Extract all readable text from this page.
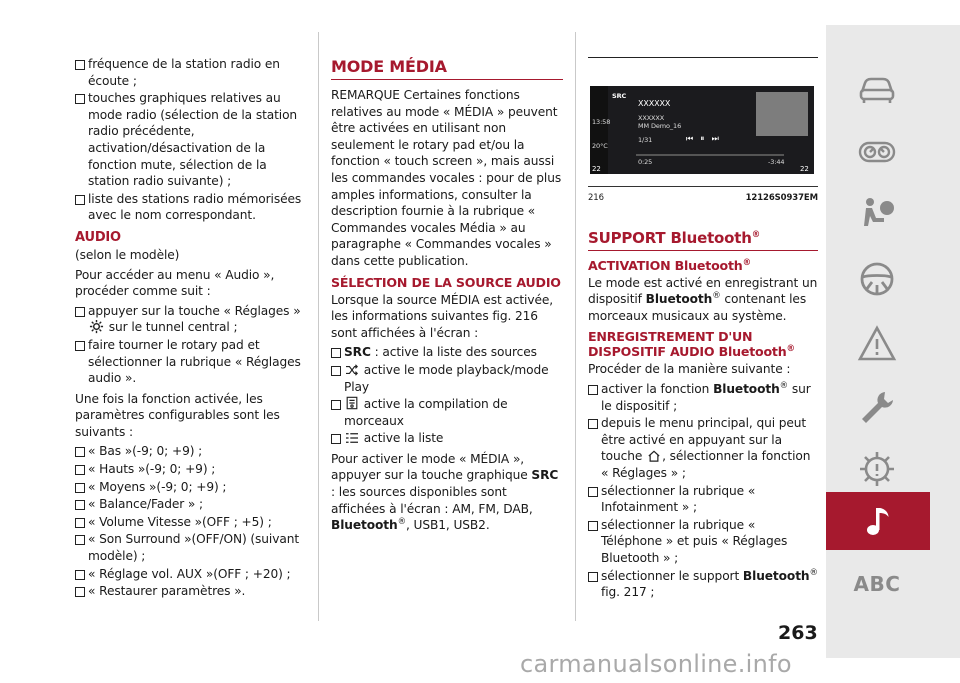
fréquence de la station radio en écoute ;
touches graphiques relatives au mode radio (sélection de la station radio précédente, activation/désactivation de la fonction mute, sélection de la station radio suivante) ;
liste des stations radio mémorisées avec le nom correspondant.
AUDIO
(selon le modèle)
Pour accéder au menu « Audio », procéder comme suit :
appuyer sur la touche « Réglages »  sur le tunnel central ;
faire tourner le rotary pad et sélectionner la rubrique « Réglages audio ».
Une fois la fonction activée, les paramètres configurables sont les suivants :
« Bas »(-9; 0; +9) ;
« Hauts »(-9; 0; +9) ;
« Moyens »(-9; 0; +9) ;
« Balance/Fader » ;
« Volume Vitesse »(OFF ; +5) ;
« Son Surround »(OFF/ON) (suivant modèle) ;
« Réglage vol. AUX »(OFF ; +20) ;
« Restaurer paramètres ».
MODE MÉDIA
REMARQUE Certaines fonctions relatives au mode « MÉDIA » peuvent être activées en utilisant non seulement le rotary pad et/ou la fonction « touch screen », mais aussi les commandes vocales : pour de plus amples informations, consulter la description fournie à la rubrique « Commandes vocales Média » au paragraphe « Commandes vocales » dans cette publication.
SÉLECTION DE LA SOURCE AUDIO
Lorsque la source MÉDIA est activée, les informations suivantes fig. 216 sont affichées à l'écran :
SRC : active la liste des sources
active le mode playback/mode Play
active la compilation de morceaux
active la liste
Pour activer le mode « MÉDIA », appuyer sur la touche graphique SRC : les sources disponibles sont affichées à l'écran : AM, FM, DAB, Bluetooth®, USB1, USB2.
13:58
20°C
SRC
XXXXXX
XXXXXX
MM Demo_16
1/31	⏮   ⏸   ⏭
0:25	-3:44
22	22
216	12126S0937EM
SUPPORT Bluetooth®
ACTIVATION Bluetooth®
Le mode est activé en enregistrant un dispositif Bluetooth® contenant les morceaux musicaux au système.
ENREGISTREMENT D'UN DISPOSITIF AUDIO Bluetooth®
Procéder de la manière suivante :
activer la fonction Bluetooth® sur le dispositif ;
depuis le menu principal, qui peut être activé en appuyant sur la touche , sélectionner la fonction « Réglages » ;
sélectionner la rubrique « Infotainment » ;
sélectionner la rubrique « Téléphone » et puis « Réglages Bluetooth » ;
sélectionner le support Bluetooth®
fig. 217 ;
263
ABC
carmanualsonline.info
